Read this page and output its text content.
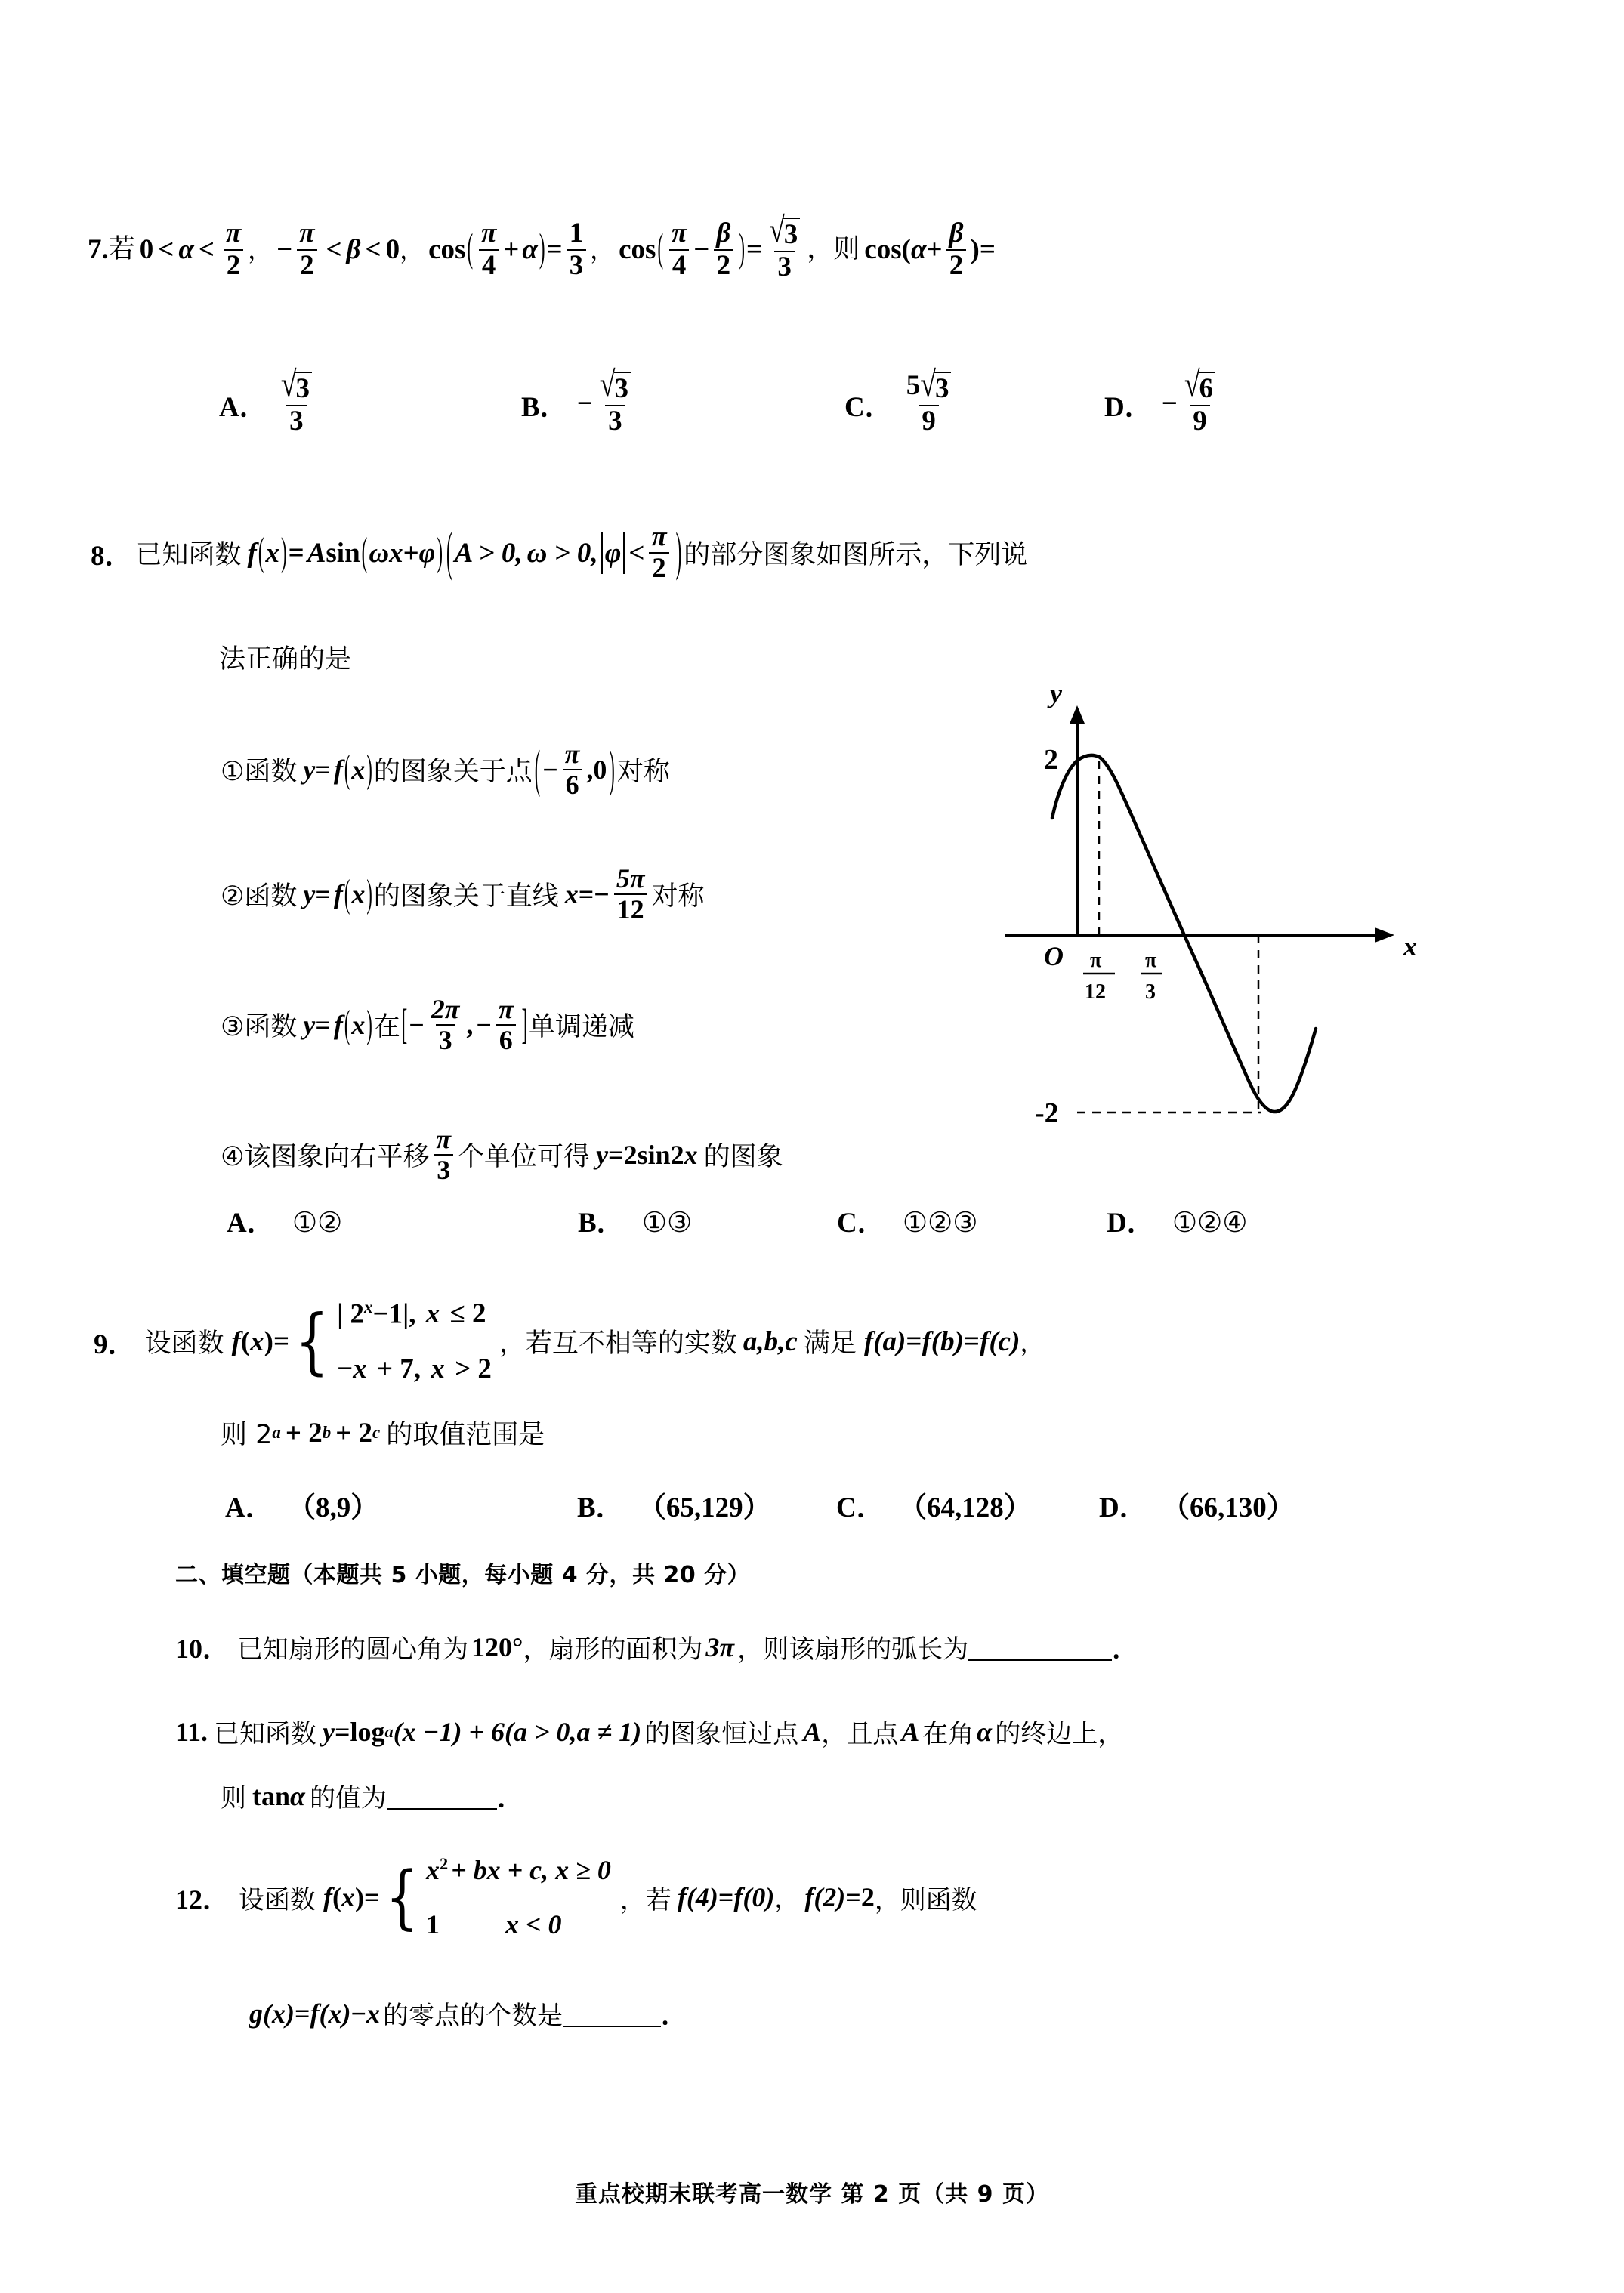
7. 若 $0 < \alpha < \frac{\pi}{2}$ ， − $\frac{\pi}{2} < \beta < 0$ ， cos ( $\frac{\pi}{4} + \alpha$ ) = $\frac{1}{3}$ ， cos ( $\frac{\pi}{4} - \frac{\beta}{2}$ ) = $\frac{√ 3}{3}$ ，则 cos( $\alpha + \frac{\beta}{2}$ ) =
A． $\frac{√ 3}{3}$	B． − $\frac{√ 3}{3}$	C． $\frac{5 √ 3}{9}$	D． − $\frac{√ 6}{9}$
8． 已知函数 f ( x ) = A sin ( ω x + φ ) ( A > 0, ω > 0, $\varphi < \frac{\pi}{2}$ ) 的部分图象如图所示，下列说
法正确的是
①函数 y = f ( x ) 的图象关于点 ( − $\frac{\pi}{6} ,0$ ) 对称
②函数 y = f ( x ) 的图象关于直线 x = − $\frac{5\pi}{12}$ 对称
③函数 y = f ( x ) 在 [ − $\frac{2\pi}{3}$ , − $\frac{\pi}{6}$ ] 单调递减
④该图象向右平移 $\frac{\pi}{3}$ 个单位可得 y = 2sin2 x 的图象
A． ①②	B． ①③	C． ①②③	D． ①②④
y
x
2
-2
O π
12
π
3
9． 设函数 f ( x ) = { | $2^x-1|$, x ≤ 2
−x + 7, x > 2
，若互不相等的实数 a,b,c 满足 f(a) = f(b) = f(c) ，
则 2 a + 2 b + 2 c 的取值范围是
A． （8,9）	B． （65,129） C． （64,128） D． （66,130）
二、填空题（本题共 5 小题，每小题 4 分，共 20 分）
10． 已知扇形的圆心角为 120° ，扇形的面积为 3π ，则该扇形的弧长为	．
11. 已知函数 y = log a (x −1) + 6(a > 0,a ≠ 1) 的图象恒过点 A ，且点 A 在角 α 的终边上，
则 tan α 的值为	．
12． 设函数 f ( x ) = { $x^2$ + bx + c, x ≥ 0
1 x < 0
，若 f(4) = f(0) ， f(2) = 2 ，则函数
g(x) = f(x) − x 的零点的个数是	．
重点校期末联考高一数学 第 2 页（共 9 页）
